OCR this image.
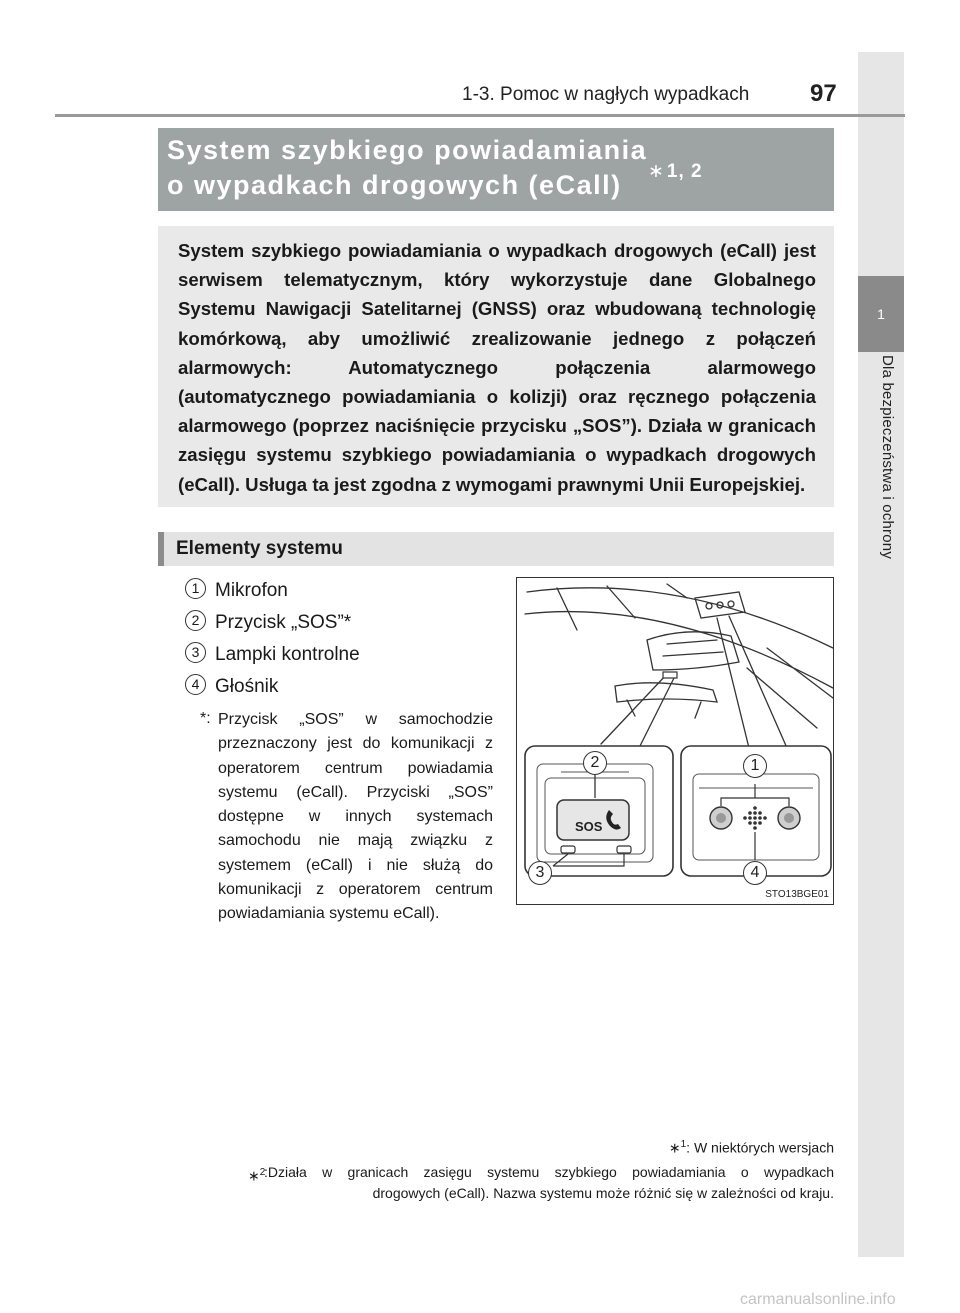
1
Dla bezpieczeństwa i ochrony
1-3. Pomoc w nagłych wypadkach	97
System szybkiego powiadamiania
o wypadkach drogowych (eCall) ∗ 1, 2

System szybkiego powiadamiania o wypadkach drogowych (eCall) jest serwisem telematycznym, który wykorzystuje dane Globalnego Systemu Nawigacji Satelitarnej (GNSS) oraz wbudowaną technologię komórkową, aby umożliwić zrealizowanie jednego z połączeń alarmowych: Automatycznego połączenia alarmowego (automatycznego powiadamiania o kolizji) oraz ręcznego połączenia alarmowego (poprzez naciśnięcie przycisku „SOS”). Działa w granicach zasięgu systemu szybkiego powiadamiania o wypadkach drogowych (eCall). Usługa ta jest zgodna z wymogami prawnymi Unii Europejskiej.

Elementy systemu
1 Mikrofon
2 Przycisk „SOS”*
3 Lampki kontrolne
4 Głośnik
*: Przycisk „SOS” w samochodzie przeznaczony jest do komunikacji z operatorem centrum powiadamia systemu (eCall). Przyciski „SOS” dostępne w innych systemach samochodu nie mają związku z systemem (eCall) i nie służą do komunikacji z operatorem centrum powiadamiania systemu eCall).

SOS
2	1
3	4
STO13BGE01
∗$^1$: W niektórych wersjach
∗$^2$
:Działa w granicach zasięgu systemu szybkiego powiadamiania o wypadkach
drogowych (eCall). Nazwa systemu może różnić się w zależności od kraju.
carmanualsonline.info
